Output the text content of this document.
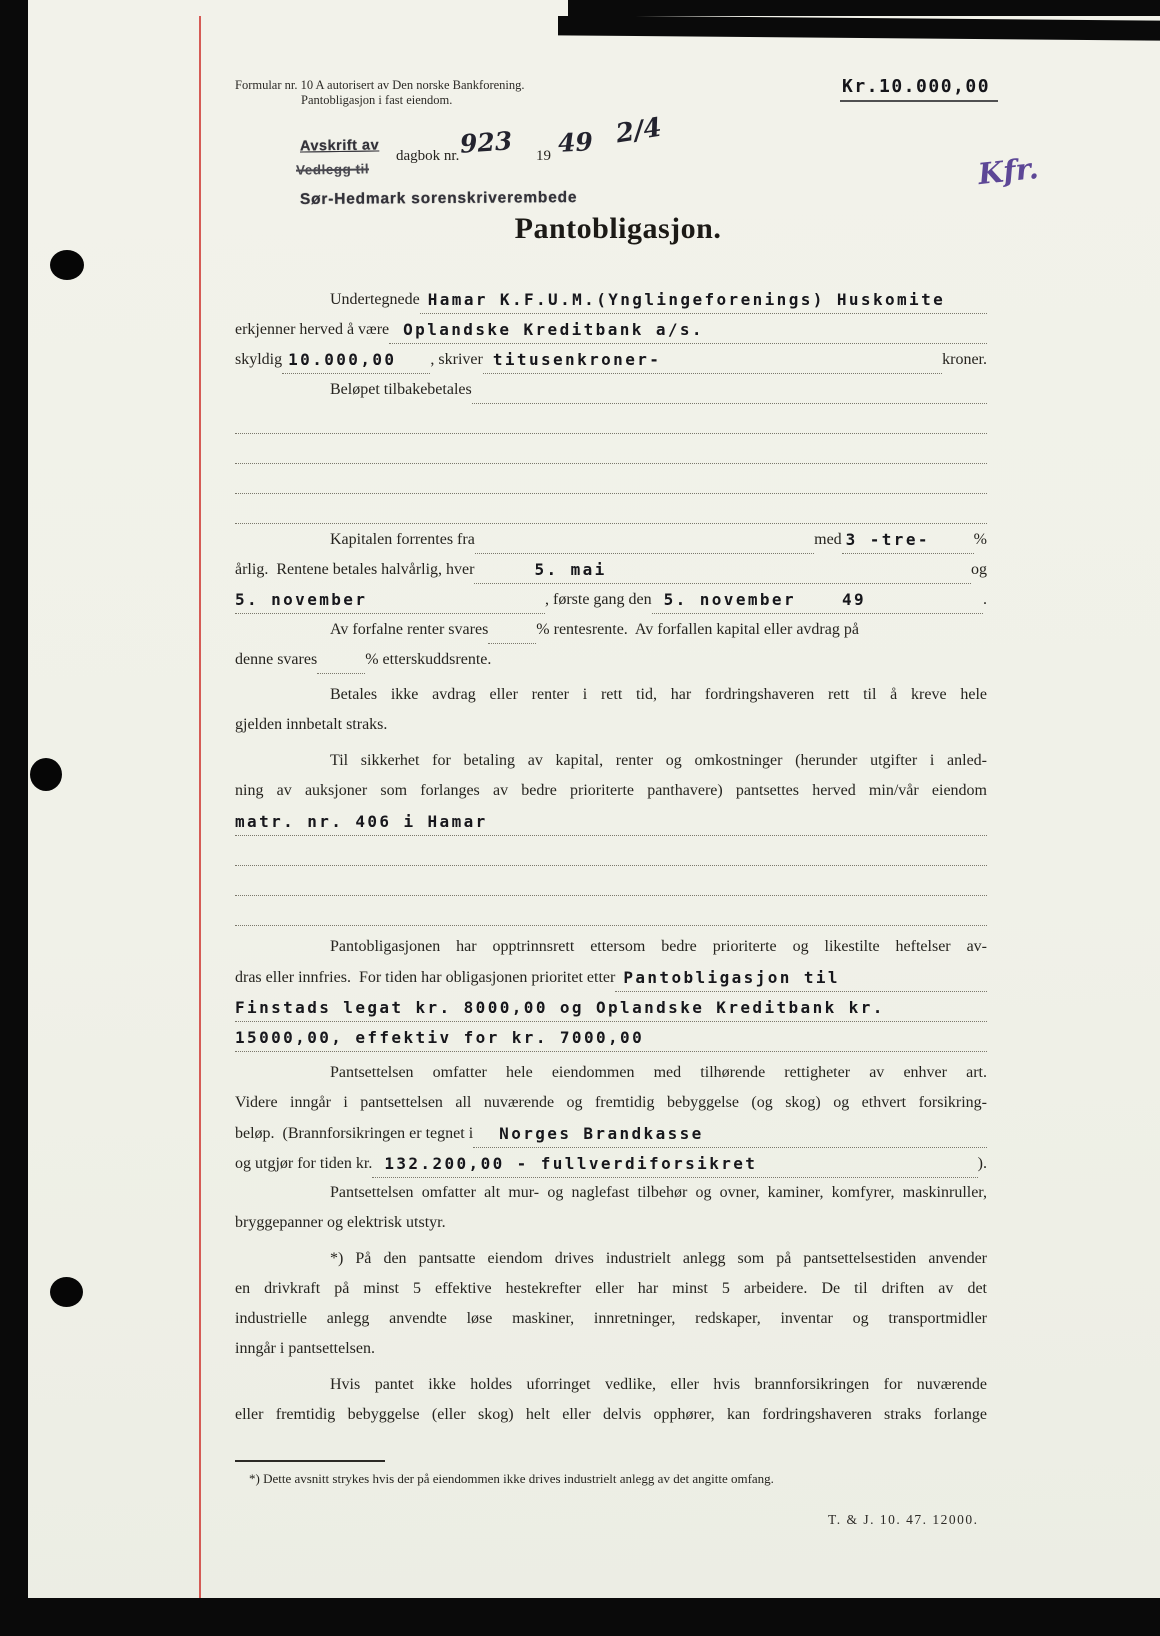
Formular nr. 10 A autorisert av Den norske Bankforening.
Pantobligasjon i fast eiendom.
Kr.10.000,00
Kfr.
Avskrift av
Vedlegg til
dagbok nr. 923 19 49 2/4
Sør-Hedmark sorenskriverembede
Pantobligasjon.
Undertegnede Hamar K.F.U.M.(Ynglingeforenings) Huskomite
erkjenner herved å være Oplandske Kreditbank a/s.
skyldig 10.000,00 , skriver titusenkroner-	kroner.
Beløpet tilbakebetales
Kapitalen forrentes fra	med 3 -tre-	%
årlig.  Rentene betales halvårlig, hver	5. mai	og
5. november	, første gang den 5. november	49	.
Av forfalne renter svares	% rentesrente.  Av forfallen kapital eller avdrag på
denne svares	% etterskuddsrente.
Betales ikke avdrag eller renter i rett tid, har fordringshaveren rett til å kreve hele
gjelden innbetalt straks.
Til sikkerhet for betaling av kapital, renter og omkostninger (herunder utgifter i anled-
ning av auksjoner som forlanges av bedre prioriterte panthavere) pantsettes herved min/vår eiendom
matr. nr. 406 i Hamar
Pantobligasjonen har opptrinnsrett ettersom bedre prioriterte og likestilte heftelser av-
dras eller innfries.  For tiden har obligasjonen prioritet etter Pantobligasjon til
Finstads legat kr. 8000,00 og Oplandske Kreditbank kr.
15000,00, effektiv for kr. 7000,00
Pantsettelsen omfatter hele eiendommen med tilhørende rettigheter av enhver art.
Videre inngår i pantsettelsen all nuværende og fremtidig bebyggelse (og skog) og ethvert forsikring-
beløp.  (Brannforsikringen er tegnet i Norges Brandkasse
og utgjør for tiden kr. 132.200,00 - fullverdiforsikret	).
Pantsettelsen omfatter alt mur- og naglefast tilbehør og ovner, kaminer, komfyrer, maskinruller,
bryggepanner og elektrisk utstyr.
*) På den pantsatte eiendom drives industrielt anlegg som på pantsettelsestiden anvender
en drivkraft på minst 5 effektive hestekrefter eller har minst 5 arbeidere. De til driften av det
industrielle anlegg anvendte løse maskiner, innretninger, redskaper, inventar og transportmidler
inngår i pantsettelsen.
Hvis pantet ikke holdes uforringet vedlike, eller hvis brannforsikringen for nuværende
eller fremtidig bebyggelse (eller skog) helt eller delvis opphører, kan fordringshaveren straks forlange
*) Dette avsnitt strykes hvis der på eiendommen ikke drives industrielt anlegg av det angitte omfang.
T. & J. 10. 47. 12000.
